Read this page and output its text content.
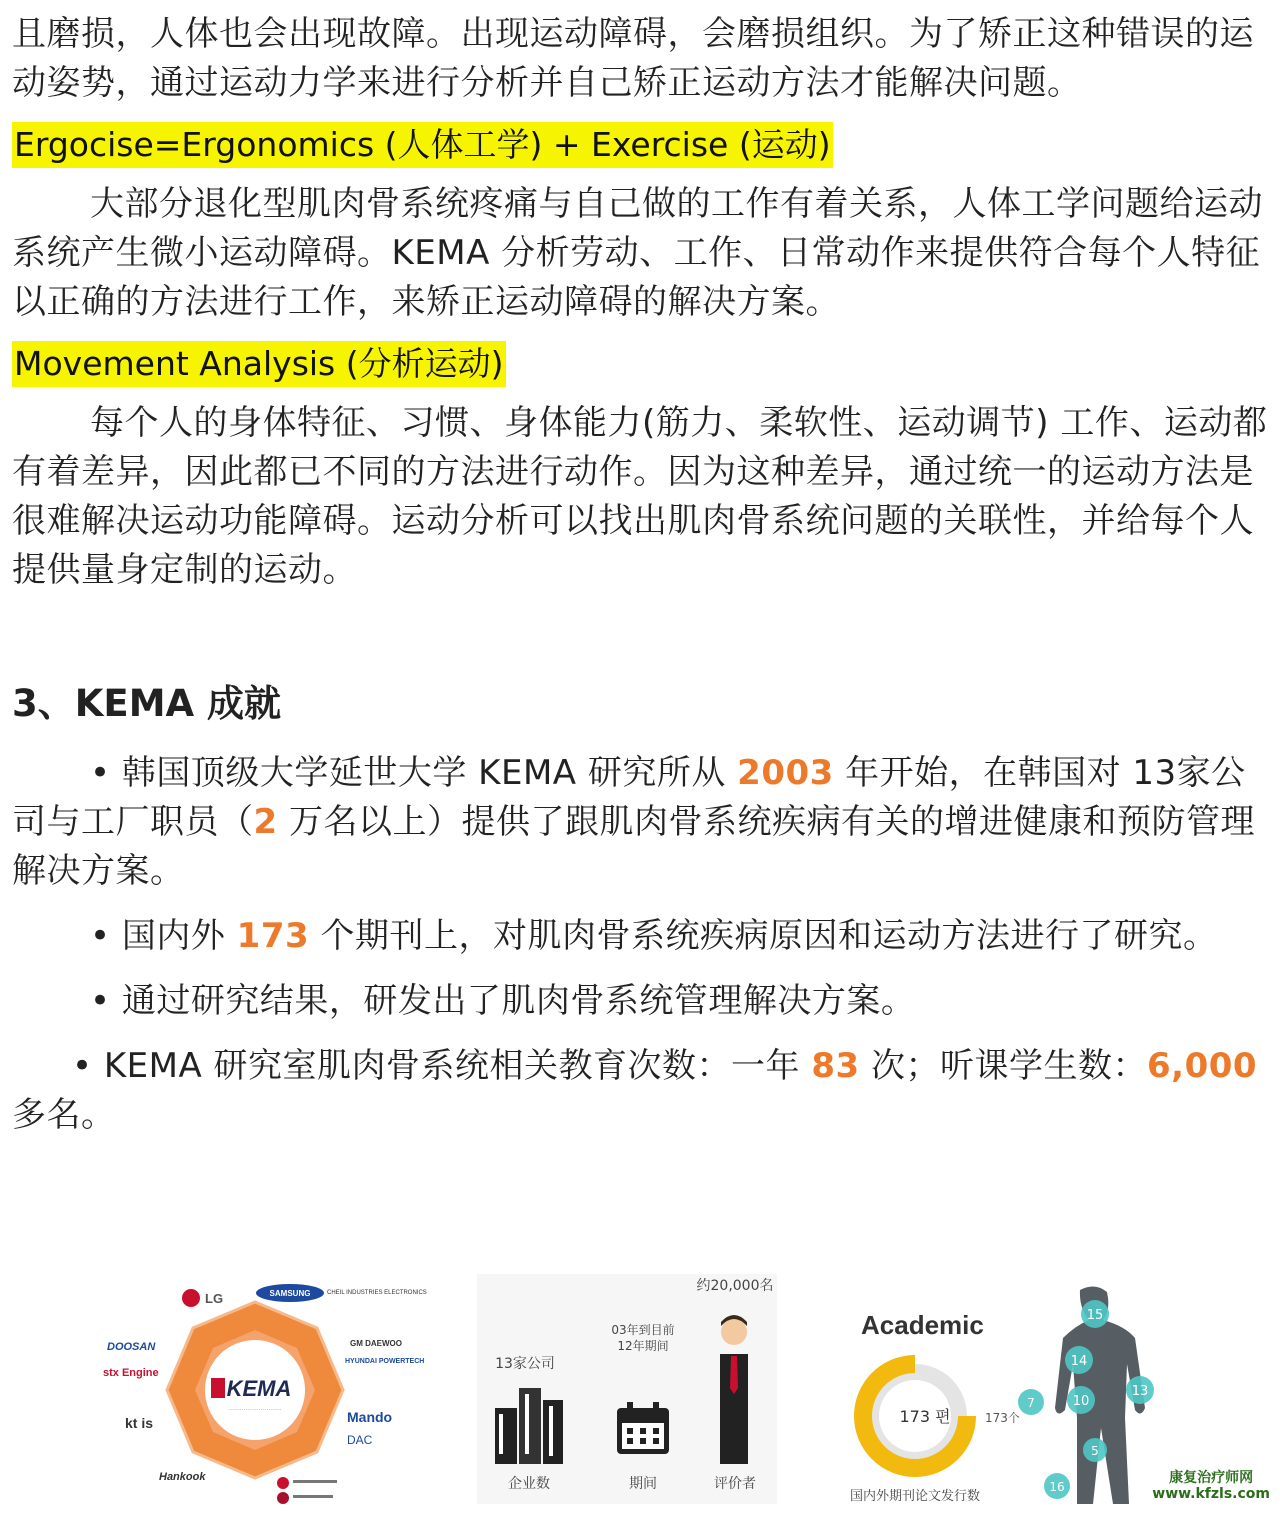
且磨损，人体也会出现故障。出现运动障碍，会磨损组织。为了矫正这种错误的运动姿势，通过运动力学来进行分析并自己矫正运动方法才能解决问题。

Ergocise=Ergonomics (人体工学) + Exercise (运动)

大部分退化型肌肉骨系统疼痛与自己做的工作有着关系，人体工学问题给运动系统产生微小运动障碍。KEMA 分析劳动、工作、日常动作来提供符合每个人特征以正确的方法进行工作，来矫正运动障碍的解决方案。

Movement Analysis (分析运动)

每个人的身体特征、习惯、身体能力(筋力、柔软性、运动调节) 工作、运动都有着差异，因此都已不同的方法进行动作。因为这种差异，通过统一的运动方法是很难解决运动功能障碍。运动分析可以找出肌肉骨系统问题的关联性，并给每个人提供量身定制的运动。

3、KEMA 成就

• 韩国顶级大学延世大学 KEMA 研究所从 2003 年开始，在韩国对 13家公司与工厂职员（2 万名以上）提供了跟肌肉骨系统疾病有关的增进健康和预防管理解决方案。

• 国内外 173 个期刊上，对肌肉骨系统疾病原因和运动方法进行了研究。

• 通过研究结果，研发出了肌肉骨系统管理解决方案。

• KEMA 研究室肌肉骨系统相关教育次数：一年 83 次；听课学生数：6,000 多名。

KEMA
............................
LG	SAMSUNG	CHEIL INDUSTRIES ELECTRONICS
GM DAEWOO
HYUNDAI POWERTECH
Mando
DAC
DOOSAN
stx Engine
kt is
Hankook
13家公司
企业数
03年到目前
12年期间
期间
约20,000名
评价者
Academic
173 편	173个
国内外期刊论文发行数
15
14
13
7	10
5
16
康复治疗师网
www.kfzls.com
